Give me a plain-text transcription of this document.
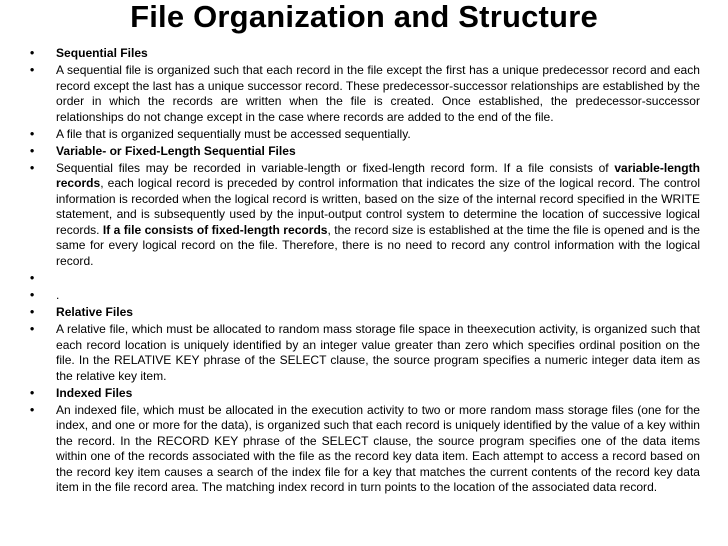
File Organization and Structure
•	Sequential Files
•	A sequential file is organized such that each record in the file except the first has a unique predecessor record and each record except the last has a unique successor record. These predecessor-successor relationships are established by the order in which the records are written when the file is created. Once established, the predecessor-successor relationships do not change except in the case where records are added to the end of the file.
•	A file that is organized sequentially must be accessed sequentially.
•	Variable- or Fixed-Length Sequential Files
•	Sequential files may be recorded in variable-length or fixed-length record form. If a file consists of variable-length records, each logical record is preceded by control information that indicates the size of the logical record. The control information is recorded when the logical record is written, based on the size of the internal record specified in the WRITE statement, and is subsequently used by the input-output control system to determine the location of successive logical records. If a file consists of fixed-length records, the record size is established at the time the file is opened and is the same for every logical record on the file. Therefore, there is no need to record any control information with the logical record.
•

•	.
•	Relative Files
•	A relative file, which must be allocated to random mass storage file space in theexecution activity, is organized such that each record location is uniquely identified by an integer value greater than zero which specifies ordinal position on the file. In the RELATIVE KEY phrase of the SELECT clause, the source program specifies a numeric integer data item as the relative key item.
•	Indexed Files
•	An indexed file, which must be allocated in the execution activity to two or more random mass storage files (one for the index, and one or more for the data), is organized such that each record is uniquely identified by the value of a key within the record. In the RECORD KEY phrase of the SELECT clause, the source program specifies one of the data items within one of the records associated with the file as the record key data item. Each attempt to access a record based on the record key item causes a search of the index file for a key that matches the current contents of the record key data item in the file record area. The matching index record in turn points to the location of the associated data record.
